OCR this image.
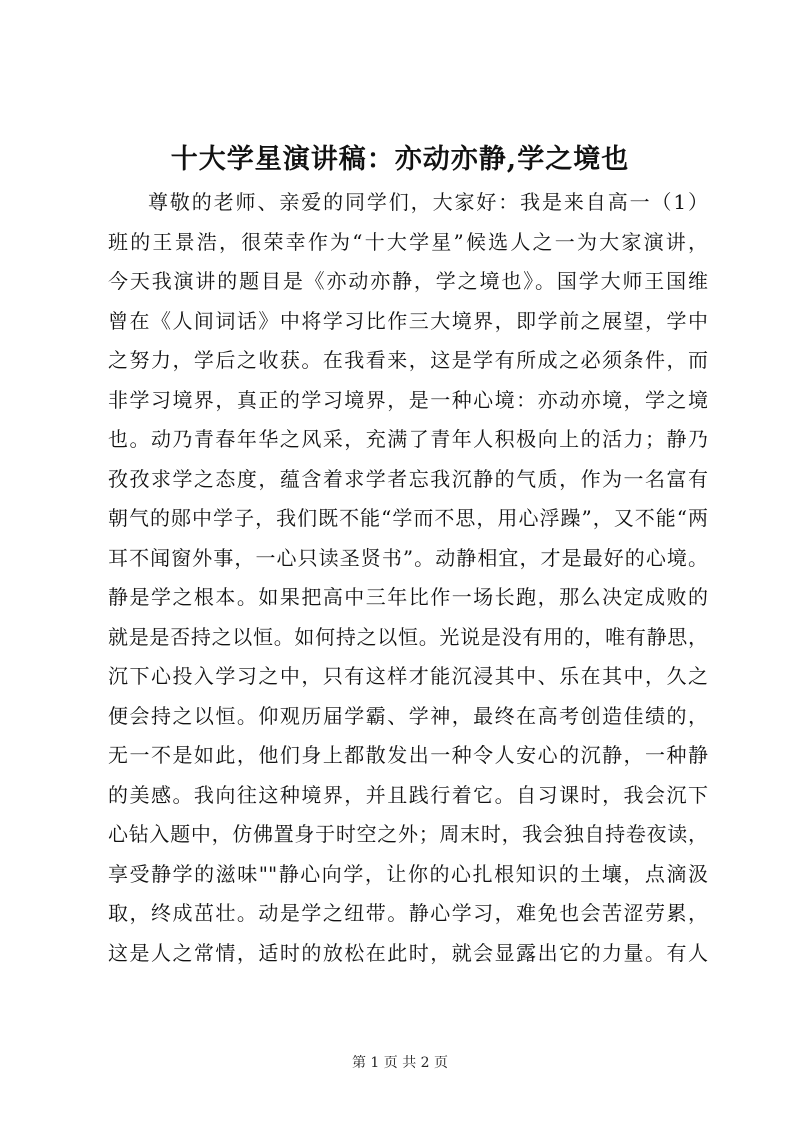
十大学星演讲稿：亦动亦静,学之境也
尊敬的老师、亲爱的同学们，大家好：我是来自高一（1）
班的王景浩，很荣幸作为“十大学星”候选人之一为大家演讲，
今天我演讲的题目是《亦动亦静，学之境也》。国学大师王国维
曾在《人间词话》中将学习比作三大境界，即学前之展望，学中
之努力，学后之收获。在我看来，这是学有所成之必须条件，而
非学习境界，真正的学习境界，是一种心境：亦动亦境，学之境
也。动乃青春年华之风采，充满了青年人积极向上的活力；静乃
孜孜求学之态度，蕴含着求学者忘我沉静的气质，作为一名富有
朝气的郧中学子，我们既不能“学而不思，用心浮躁”，又不能“两
耳不闻窗外事，一心只读圣贤书”。动静相宜，才是最好的心境。
静是学之根本。如果把高中三年比作一场长跑，那么决定成败的
就是是否持之以恒。如何持之以恒。光说是没有用的，唯有静思，
沉下心投入学习之中，只有这样才能沉浸其中、乐在其中，久之
便会持之以恒。仰观历届学霸、学神，最终在高考创造佳绩的，
无一不是如此，他们身上都散发出一种令人安心的沉静，一种静
的美感。我向往这种境界，并且践行着它。自习课时，我会沉下
心钻入题中，仿佛置身于时空之外；周末时，我会独自持卷夜读，
享受静学的滋味""静心向学，让你的心扎根知识的土壤，点滴汲
取，终成茁壮。动是学之纽带。静心学习，难免也会苦涩劳累，
这是人之常情，适时的放松在此时，就会显露出它的力量。有人
第 1 页 共 2 页
